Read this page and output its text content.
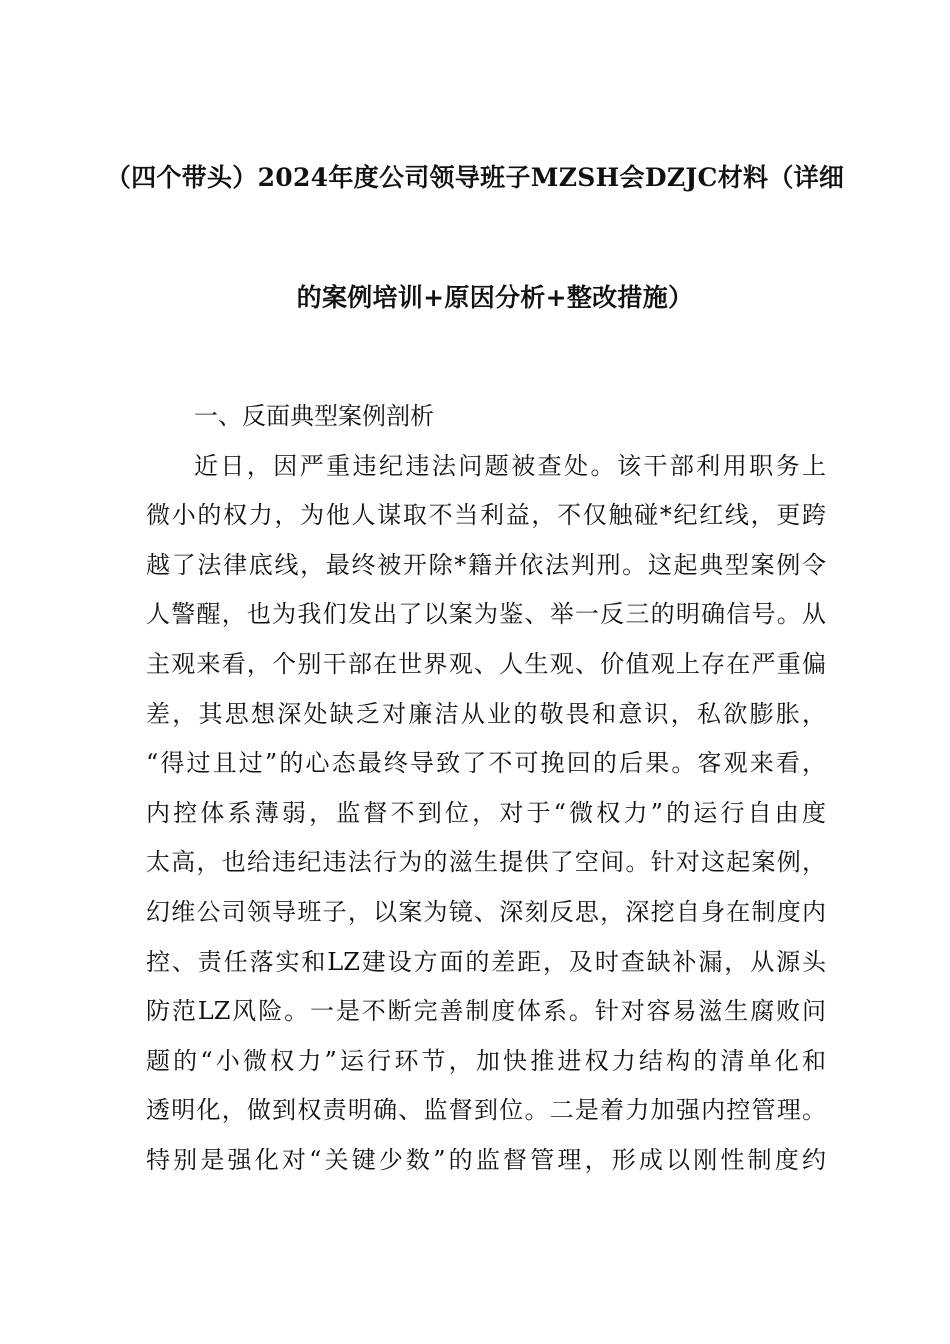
（四个带头）2024年度公司领导班子MZSH会DZJC材料（详细
的案例培训+原因分析+整改措施）
一、反面典型案例剖析
近日，因严重违纪违法问题被查处。该干部利用职务上
微小的权力，为他人谋取不当利益，不仅触碰*纪红线，更跨
越了法律底线，最终被开除*籍并依法判刑。这起典型案例令
人警醒，也为我们发出了以案为鉴、举一反三的明确信号。从
主观来看，个别干部在世界观、人生观、价值观上存在严重偏
差，其思想深处缺乏对廉洁从业的敬畏和意识，私欲膨胀，
“得过且过”的心态最终导致了不可挽回的后果。客观来看，
内控体系薄弱，监督不到位，对于“微权力”的运行自由度
太高，也给违纪违法行为的滋生提供了空间。针对这起案例，
幻维公司领导班子，以案为镜、深刻反思，深挖自身在制度内
控、责任落实和LZ建设方面的差距，及时查缺补漏，从源头
防范LZ风险。一是不断完善制度体系。针对容易滋生腐败问
题的“小微权力”运行环节，加快推进权力结构的清单化和
透明化，做到权责明确、监督到位。二是着力加强内控管理。
特别是强化对“关键少数”的监督管理，形成以刚性制度约
